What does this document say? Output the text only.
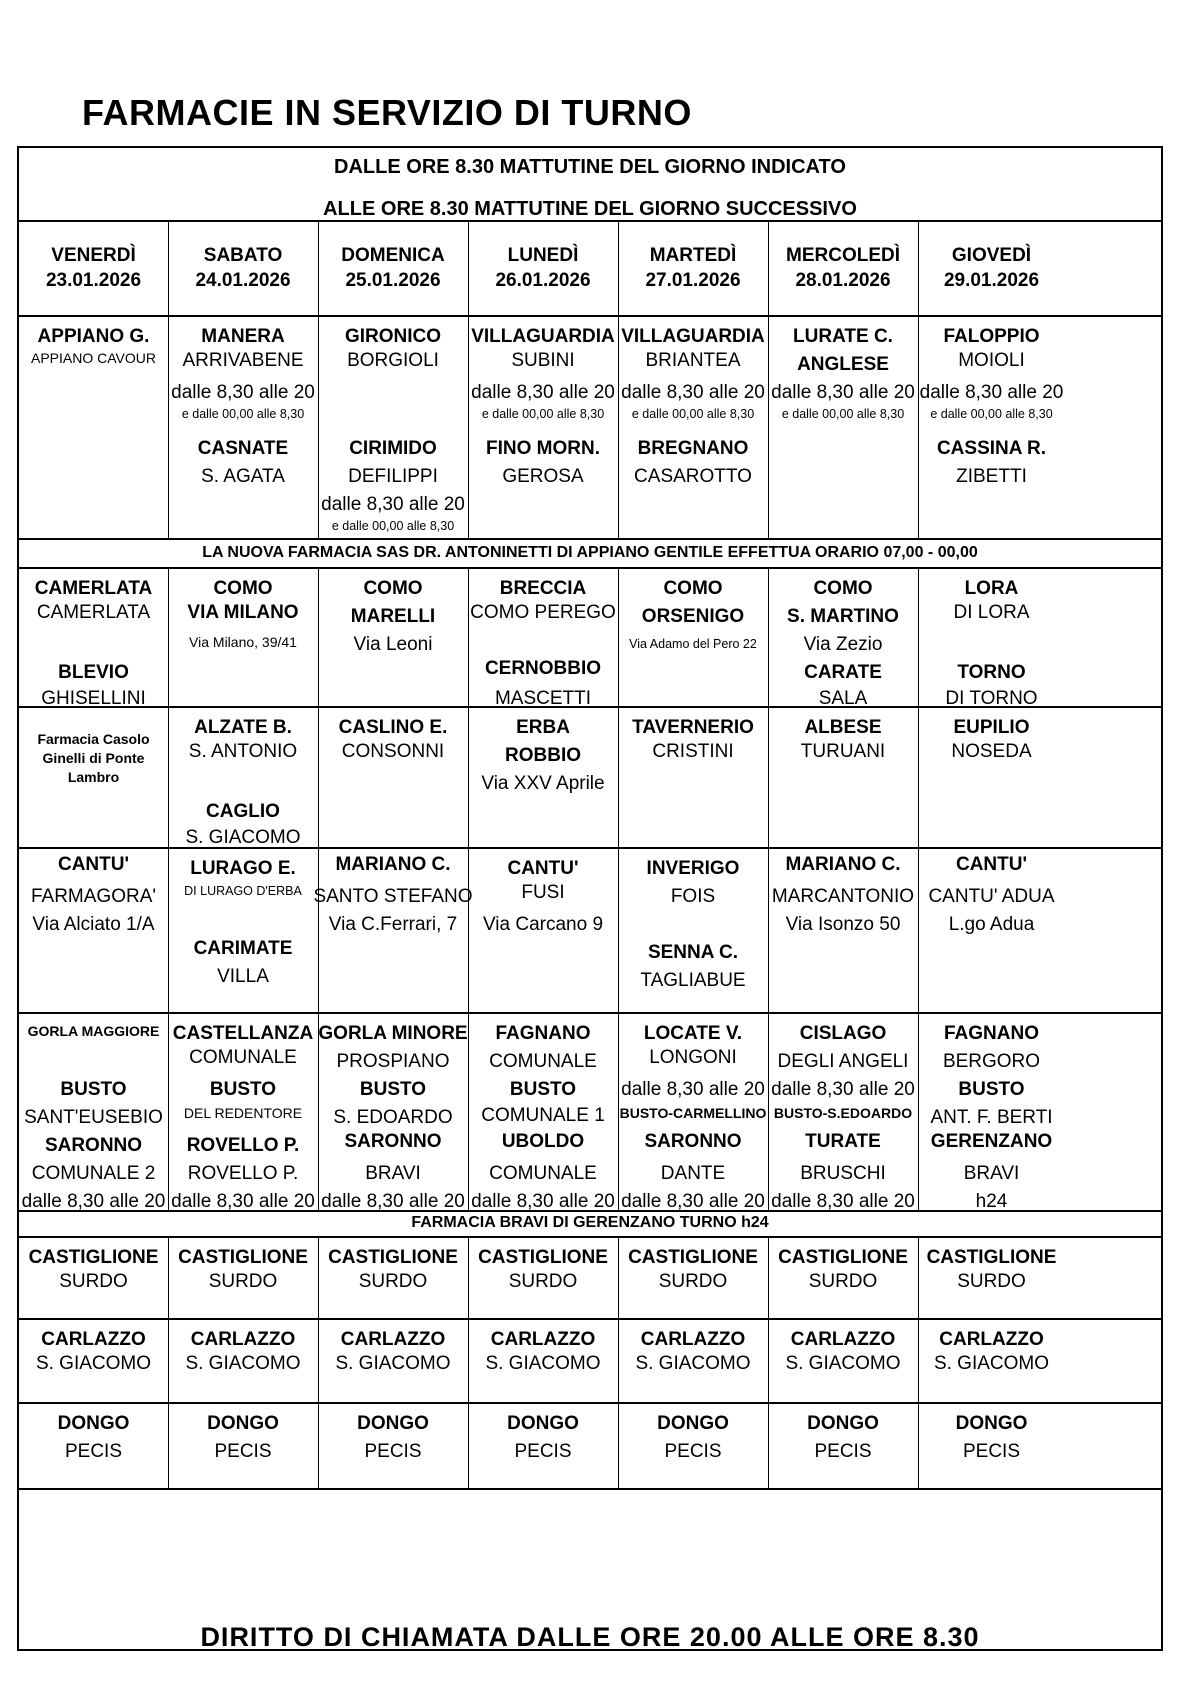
FARMACIE IN SERVIZIO DI TURNO
DALLE ORE 8.30 MATTUTINE DEL GIORNO INDICATO
ALLE ORE 8.30 MATTUTINE DEL GIORNO SUCCESSIVO
LA NUOVA FARMACIA SAS DR. ANTONINETTI DI APPIANO GENTILE EFFETTUA ORARIO 07,00 - 00,00
FARMACIA BRAVI DI GERENZANO TURNO h24
DIRITTO DI CHIAMATA DALLE ORE 20.00 ALLE ORE 8.30
VENERDÌ
23.01.2026
SABATO
24.01.2026
DOMENICA
25.01.2026
LUNEDÌ
26.01.2026
MARTEDÌ
27.01.2026
MERCOLEDÌ
28.01.2026
GIOVEDÌ
29.01.2026
APPIANO G.
APPIANO CAVOUR
MANERA
ARRIVABENE
dalle 8,30 alle 20
e dalle 00,00 alle 8,30
CASNATE
S. AGATA
GIRONICO
BORGIOLI
CIRIMIDO
DEFILIPPI
dalle 8,30 alle 20
e dalle 00,00 alle 8,30
VILLAGUARDIA
SUBINI
dalle 8,30 alle 20
e dalle 00,00 alle 8,30
FINO MORN.
GEROSA
VILLAGUARDIA
BRIANTEA
dalle 8,30 alle 20
e dalle 00,00 alle 8,30
BREGNANO
CASAROTTO
LURATE C.
ANGLESE
dalle 8,30 alle 20
e dalle 00,00 alle 8,30
FALOPPIO
MOIOLI
dalle 8,30 alle 20
e dalle 00,00 alle 8,30
CASSINA R.
ZIBETTI
CAMERLATA
CAMERLATA
BLEVIO
GHISELLINI
COMO
VIA MILANO
Via Milano, 39/41
COMO
MARELLI
Via Leoni
BRECCIA
COMO PEREGO
CERNOBBIO
MASCETTI
COMO
ORSENIGO
Via Adamo del Pero 22
COMO
S. MARTINO
Via Zezio
CARATE
SALA
LORA
DI LORA
TORNO
DI TORNO
Farmacia Casolo
Ginelli di Ponte
Lambro
ALZATE B.
S. ANTONIO
CAGLIO
S. GIACOMO
CASLINO E.
CONSONNI
ERBA
ROBBIO
Via XXV Aprile
TAVERNERIO
CRISTINI
ALBESE
TURUANI
EUPILIO
NOSEDA
CANTU'
FARMAGORA'
Via Alciato 1/A
LURAGO E.
DI LURAGO D'ERBA
CARIMATE
VILLA
MARIANO C.
SANTO STEFANO
Via C.Ferrari, 7
CANTU'
FUSI
Via Carcano 9
INVERIGO
FOIS
SENNA C.
TAGLIABUE
MARIANO C.
MARCANTONIO
Via Isonzo 50
CANTU'
CANTU' ADUA
L.go Adua
GORLA MAGGIORE
BUSTO
SANT'EUSEBIO
SARONNO
COMUNALE 2
dalle 8,30 alle 20
CASTELLANZA
COMUNALE
BUSTO
DEL REDENTORE
ROVELLO P.
ROVELLO P.
dalle 8,30 alle 20
GORLA MINORE
PROSPIANO
BUSTO
S. EDOARDO
SARONNO
BRAVI
dalle 8,30 alle 20
FAGNANO
COMUNALE
BUSTO
COMUNALE 1
UBOLDO
COMUNALE
dalle 8,30 alle 20
LOCATE V.
LONGONI
dalle 8,30 alle 20
BUSTO-CARMELLINO
SARONNO
DANTE
dalle 8,30 alle 20
CISLAGO
DEGLI ANGELI
dalle 8,30 alle 20
BUSTO-S.EDOARDO
TURATE
BRUSCHI
dalle 8,30 alle 20
FAGNANO
BERGORO
BUSTO
ANT. F. BERTI
GERENZANO
BRAVI
h24
CASTIGLIONE
SURDO
CASTIGLIONE
SURDO
CASTIGLIONE
SURDO
CASTIGLIONE
SURDO
CASTIGLIONE
SURDO
CASTIGLIONE
SURDO
CASTIGLIONE
SURDO
CARLAZZO
S. GIACOMO
CARLAZZO
S. GIACOMO
CARLAZZO
S. GIACOMO
CARLAZZO
S. GIACOMO
CARLAZZO
S. GIACOMO
CARLAZZO
S. GIACOMO
CARLAZZO
S. GIACOMO
DONGO
PECIS
DONGO
PECIS
DONGO
PECIS
DONGO
PECIS
DONGO
PECIS
DONGO
PECIS
DONGO
PECIS
